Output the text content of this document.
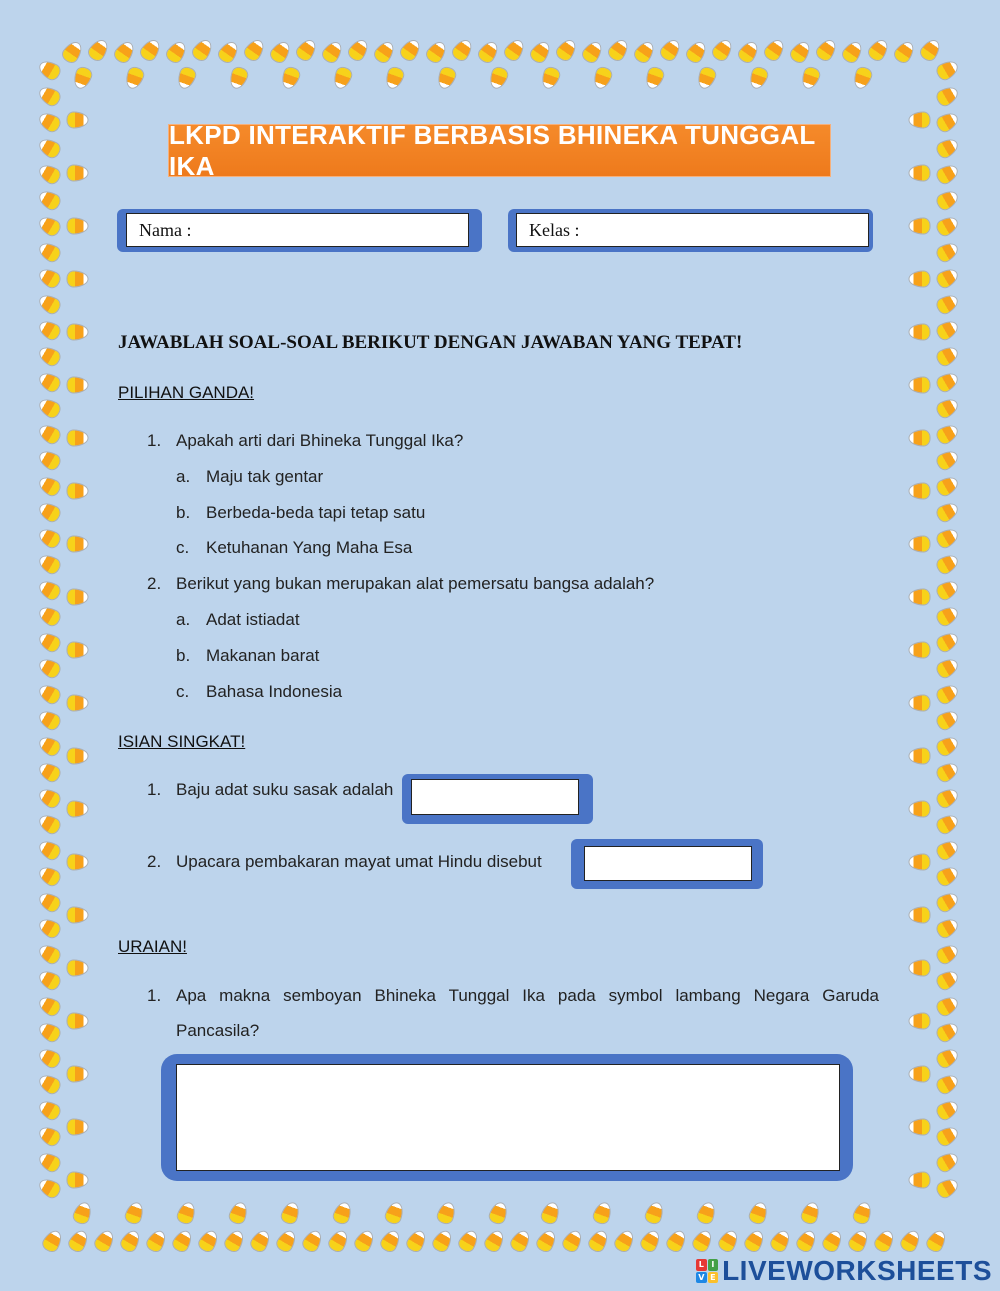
LKPD INTERAKTIF BERBASIS BHINEKA TUNGGAL IKA
Nama :	Kelas :
JAWABLAH SOAL-SOAL BERIKUT DENGAN JAWABAN YANG TEPAT!
PILIHAN GANDA!
1. Apakah arti dari Bhineka Tunggal Ika?
a. Maju tak gentar
b. Berbeda-beda tapi tetap satu
c. Ketuhanan Yang Maha Esa
2. Berikut yang bukan merupakan alat pemersatu bangsa adalah?
a. Adat istiadat
b. Makanan barat
c. Bahasa Indonesia
ISIAN SINGKAT!
1. Baju adat suku sasak adalah
2. Upacara pembakaran mayat umat Hindu disebut
URAIAN!
1. Apa makna semboyan Bhineka Tunggal Ika pada symbol lambang Negara Garuda
Pancasila?
L I
V E LIVEWORKSHEETS
